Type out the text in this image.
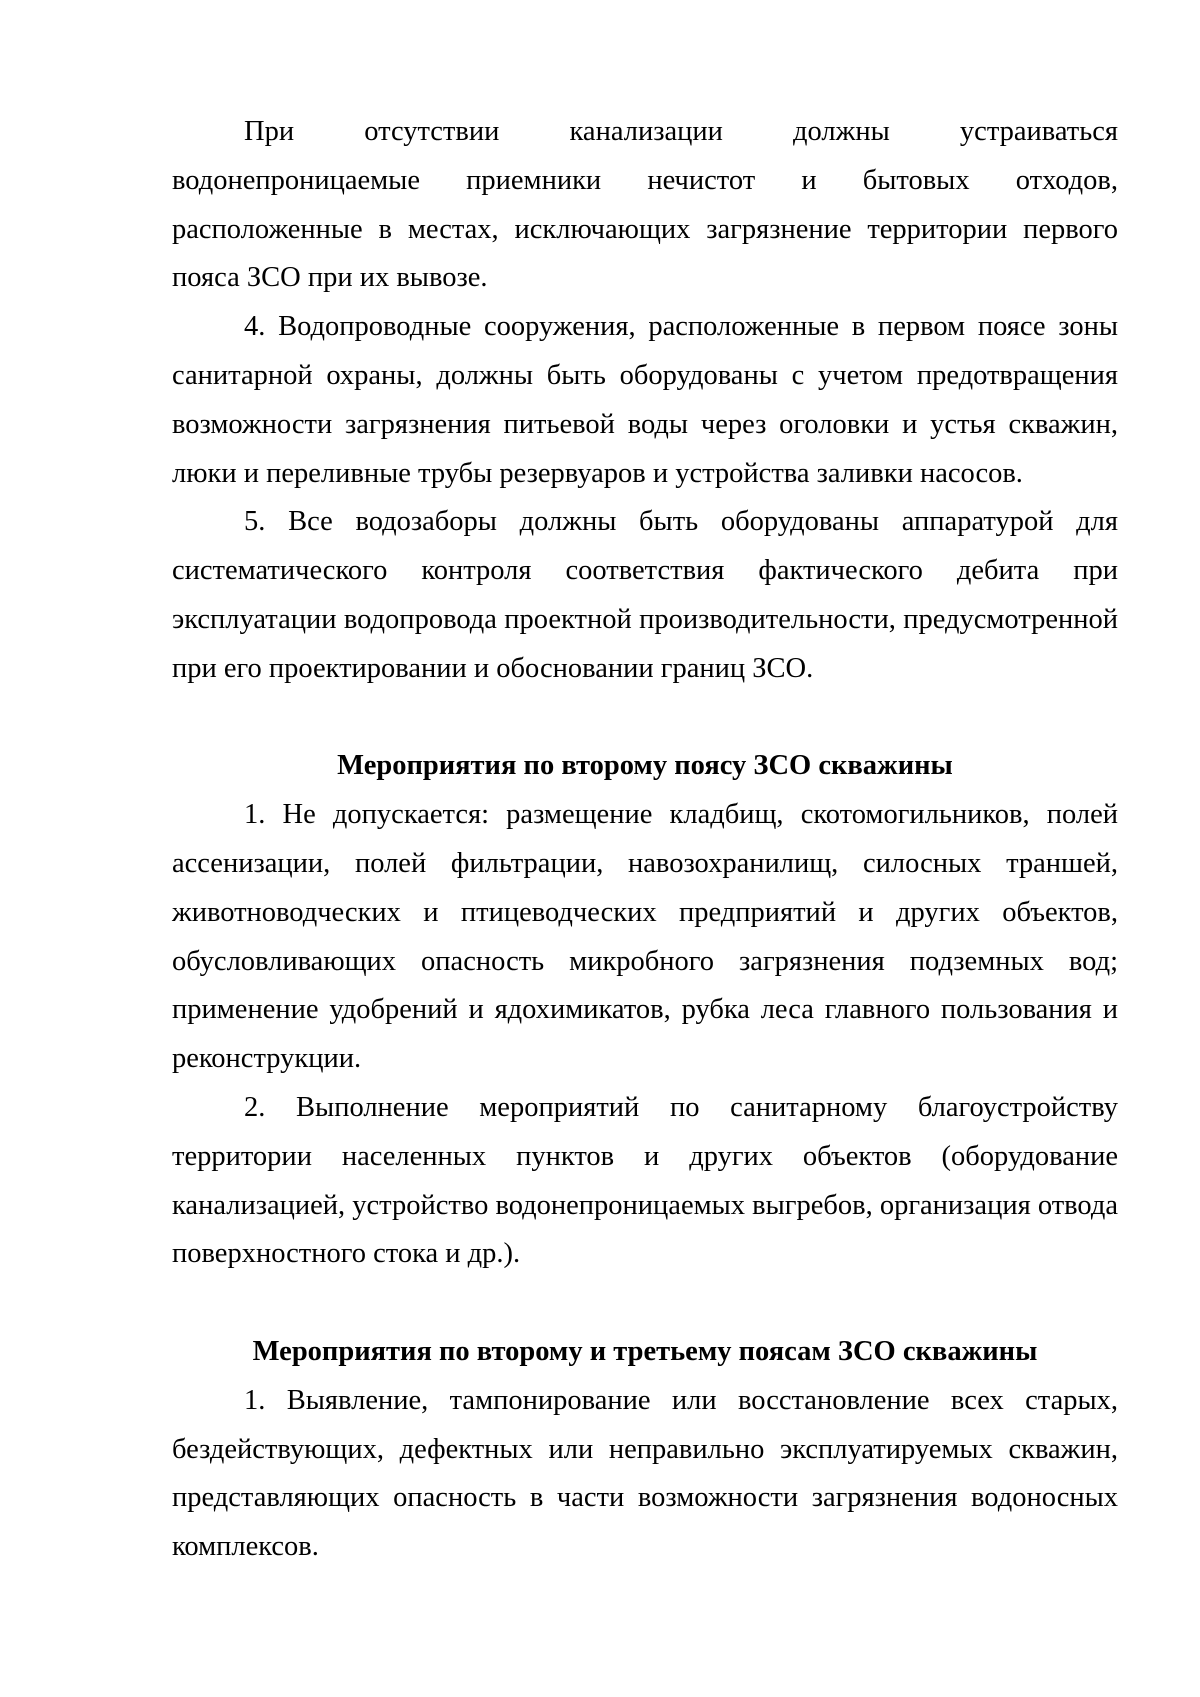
При отсутствии канализации должны устраиваться водонепроницаемые приемники нечистот и бытовых отходов, расположенные в местах, исключающих загрязнение территории первого пояса ЗСО при их вывозе.

4. Водопроводные сооружения, расположенные в первом поясе зоны санитарной охраны, должны быть оборудованы с учетом предотвращения возможности загрязнения питьевой воды через оголовки и устья скважин, люки и переливные трубы резервуаров и устройства заливки насосов.

5. Все водозаборы должны быть оборудованы аппаратурой для систематического контроля соответствия фактического дебита при эксплуатации водопровода проектной производительности, предусмотренной при его проектировании и обосновании границ ЗСО.

Мероприятия по второму поясу ЗСО скважины

1. Не допускается: размещение кладбищ, скотомогильников, полей ассенизации, полей фильтрации, навозохранилищ, силосных траншей, животноводческих и птицеводческих предприятий и других объектов, обусловливающих опасность микробного загрязнения подземных вод; применение удобрений и ядохимикатов, рубка леса главного пользования и реконструкции.

2. Выполнение мероприятий по санитарному благоустройству территории населенных пунктов и других объектов (оборудование канализацией, устройство водонепроницаемых выгребов, организация отвода поверхностного стока и др.).

Мероприятия по второму и третьему поясам ЗСО скважины

1. Выявление, тампонирование или восстановление всех старых, бездействующих, дефектных или неправильно эксплуатируемых скважин, представляющих опасность в части возможности загрязнения водоносных комплексов.
